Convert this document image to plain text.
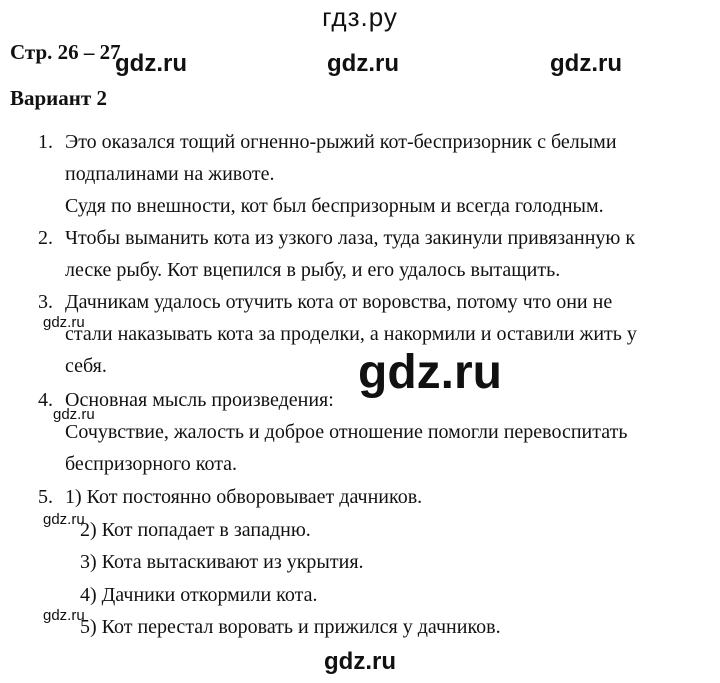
гдз.ру
Стр. 26 – 27
Вариант 2
gdz.ru	gdz.ru	gdz.ru
1. Это оказался тощий огненно-рыжий кот-беспризорник с белыми
подпалинами на животе.
Судя по внешности, кот был беспризорным и всегда голодным.
2. Чтобы выманить кота из узкого лаза, туда закинули привязанную к
леске рыбу. Кот вцепился в рыбу, и его удалось вытащить.
3. Дачникам удалось отучить кота от воровства, потому что они не
gdz.ru
стали наказывать кота за проделки, а накормили и оставили жить у
себя.	gdz.ru
4. Основная мысль произведения:
gdz.ru
Сочувствие, жалость и доброе отношение помогли перевоспитать
беспризорного кота.
5. 1) Кот постоянно обворовывает дачников.
gdz.ru
2) Кот попадает в западню.
3) Кота вытаскивают из укрытия.
4) Дачники откормили кота.
gdz.ru
5) Кот перестал воровать и прижился у дачников.
gdz.ru
